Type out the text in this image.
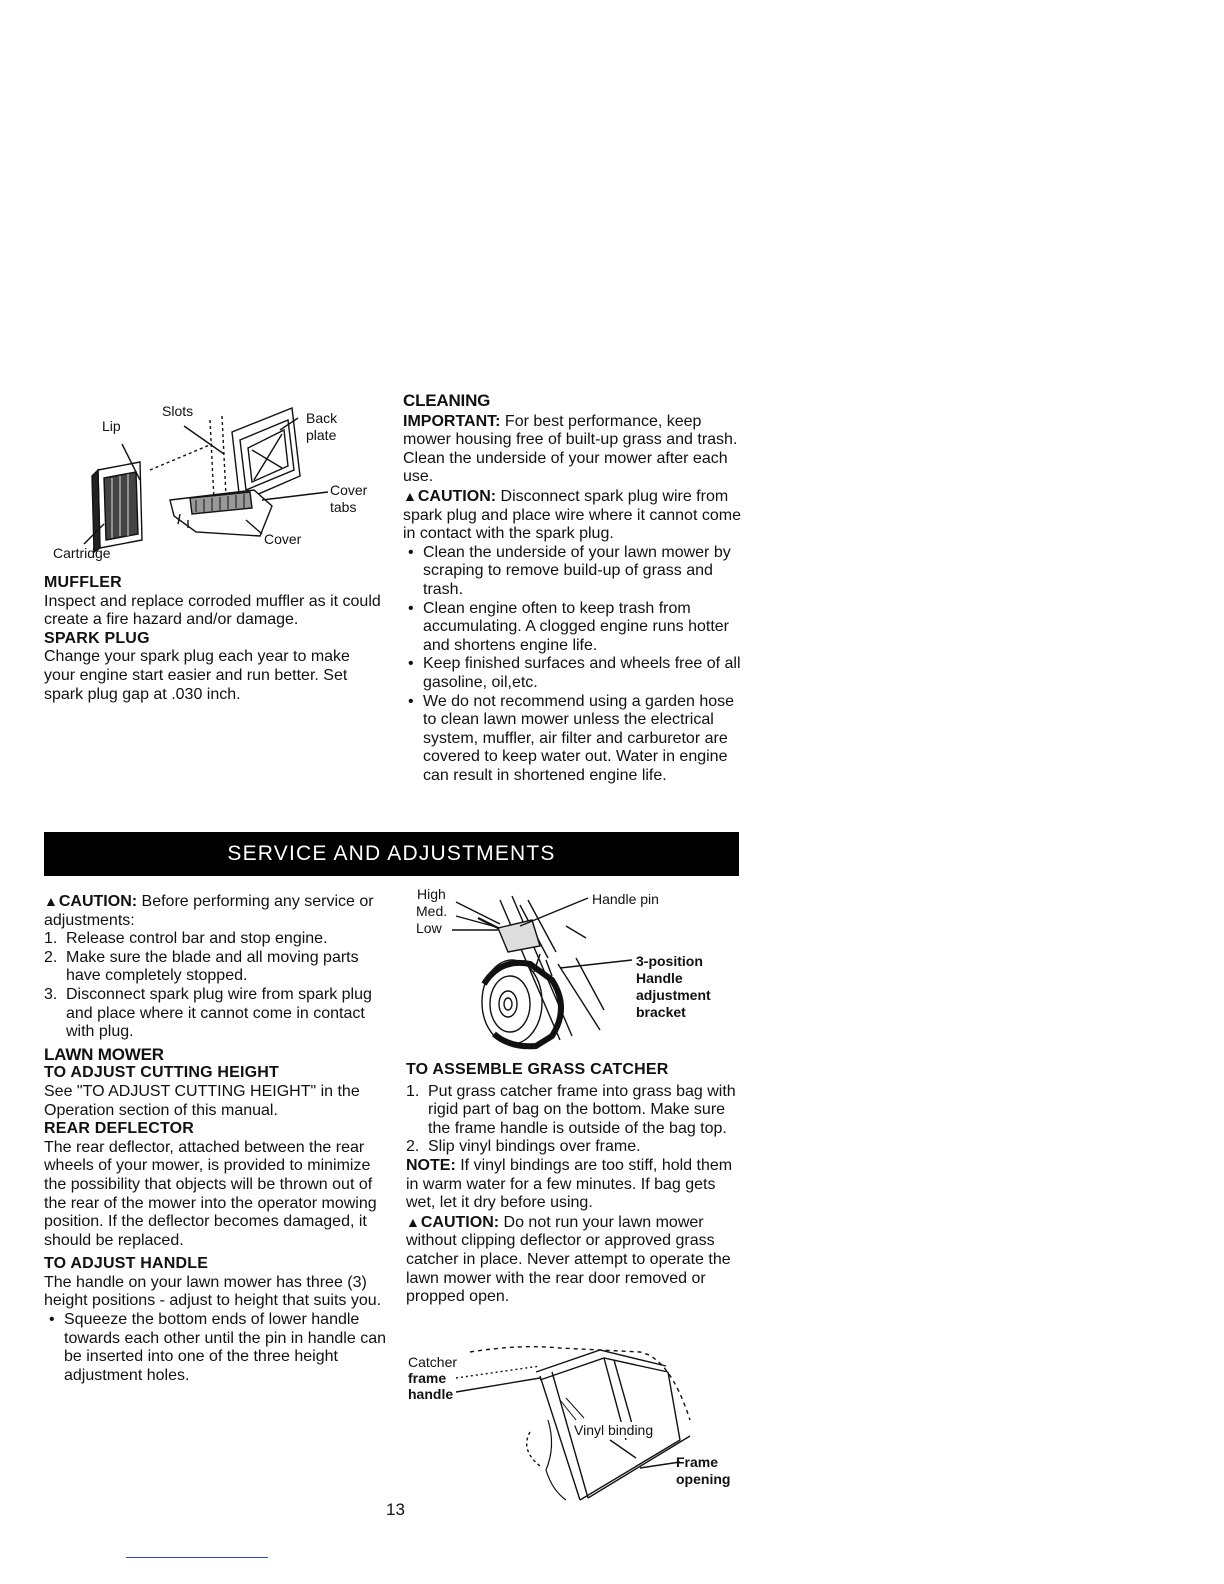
Lip
Slots	Back
plate
Cover
tabs
Cover
Cartridge
MUFFLER

Inspect and replace corroded muffler as it could create a fire hazard and/or damage.

SPARK PLUG

Change your spark plug each year to make your engine start easier and run better. Set spark plug gap at .030 inch.

CLEANING

IMPORTANT: For best performance, keep mower housing free of built-up grass and trash. Clean the underside of your mower after each use.

▲CAUTION: Disconnect spark plug wire from spark plug and place wire where it cannot come in contact with the spark plug.

• Clean the underside of your lawn mower by scraping to remove build-up of grass and trash.
• Clean engine often to keep trash from accumulating. A clogged engine runs hotter and shortens engine life.
• Keep finished surfaces and wheels free of all gasoline, oil,etc.
• We do not recommend using a garden hose to clean lawn mower unless the electrical system, muffler, air filter and carburetor are covered to keep water out. Water in engine can result in shortened engine life.
SERVICE AND ADJUSTMENTS

▲CAUTION: Before performing any service or adjustments:

1. Release control bar and stop engine.
2. Make sure the blade and all moving parts have completely stopped.
3. Disconnect spark plug wire from spark plug and place where it cannot come in contact with plug.
LAWN MOWER
TO ADJUST CUTTING HEIGHT

See "TO ADJUST CUTTING HEIGHT" in the Operation section of this manual.

REAR DEFLECTOR

The rear deflector, attached between the rear wheels of your mower, is provided to minimize the possibility that objects will be thrown out of the rear of the mower into the operator mowing position. If the deflector becomes damaged, it should be replaced.

TO ADJUST HANDLE

The handle on your lawn mower has three (3) height positions - adjust to height that suits you.

• Squeeze the bottom ends of lower handle towards each other until the pin in handle can be inserted into one of the three height adjustment holes.
High
Med.
Low
Handle pin
3-position
Handle
adjustment
bracket
TO ASSEMBLE GRASS CATCHER
1. Put grass catcher frame into grass bag with rigid part of bag on the bottom. Make sure the frame handle is outside of the bag top.
2. Slip vinyl bindings over frame.

NOTE: If vinyl bindings are too stiff, hold them in warm water for a few minutes. If bag gets wet, let it dry before using.

▲CAUTION: Do not run your lawn mower without clipping deflector or approved grass catcher in place. Never attempt to operate the lawn mower with the rear door removed or propped open.

Catcher
frame
handle
Vinyl binding
Frame
opening
13
